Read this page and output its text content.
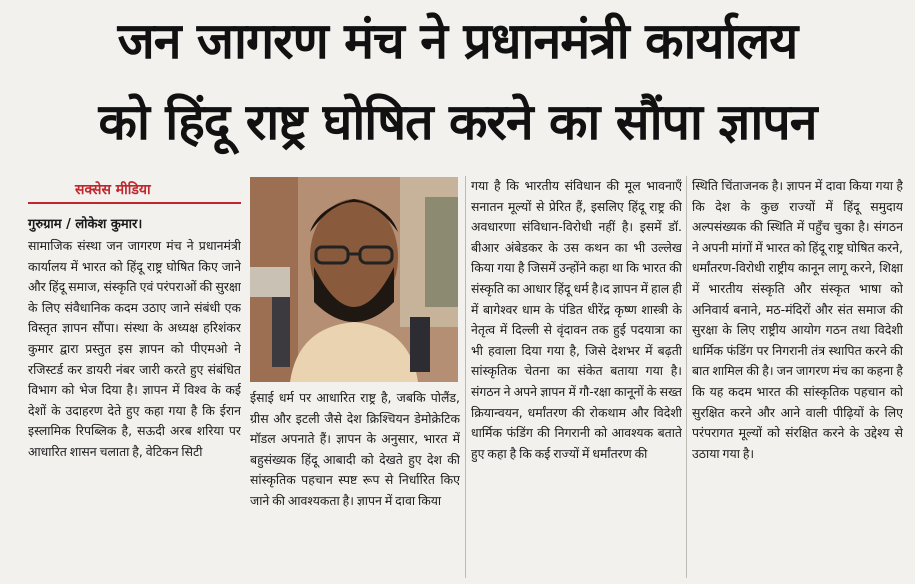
जन जागरण मंच ने प्रधानमंत्री कार्यालय
को हिंदू राष्ट्र घोषित करने का सौंपा ज्ञापन
सक्सेस मीडिया
गुरुग्राम / लोकेश कुमार।
सामाजिक संस्था जन जागरण मंच ने प्रधानमंत्री कार्यालय में भारत को हिंदू राष्ट्र घोषित किए जाने और हिंदू समाज, संस्कृति एवं परंपराओं की सुरक्षा के लिए संवैधानिक कदम उठाए जाने संबंधी एक विस्तृत ज्ञापन सौंपा। संस्था के अध्यक्ष हरिशंकर कुमार द्वारा प्रस्तुत इस ज्ञापन को पीएमओ ने रजिस्टर्ड कर डायरी नंबर जारी करते हुए संबंधित विभाग को भेज दिया है। ज्ञापन में विश्व के कई देशों के उदाहरण देते हुए कहा गया है कि ईरान इस्लामिक रिपब्लिक है, सऊदी अरब शरिया पर आधारित शासन चलाता है, वेटिकन सिटी
ईसाई धर्म पर आधारित राष्ट्र है, जबकि पोलैंड, ग्रीस और इटली जैसे देश क्रिश्चियन डेमोक्रेटिक मॉडल अपनाते हैं। ज्ञापन के अनुसार, भारत में बहुसंख्यक हिंदू आबादी को देखते हुए देश की सांस्कृतिक पहचान स्पष्ट रूप से निर्धारित किए जाने की आवश्यकता है। ज्ञापन में दावा किया
गया है कि भारतीय संविधान की मूल भावनाएँ सनातन मूल्यों से प्रेरित हैं, इसलिए हिंदू राष्ट्र की अवधारणा संविधान-विरोधी नहीं है। इसमें डॉ. बीआर अंबेडकर के उस कथन का भी उल्लेख किया गया है जिसमें उन्होंने कहा था कि भारत की संस्कृति का आधार हिंदू धर्म है।द ज्ञापन में हाल ही में बागेश्वर धाम के पंडित धीरेंद्र कृष्ण शास्त्री के नेतृत्व में दिल्ली से वृंदावन तक हुई पदयात्रा का भी हवाला दिया गया है, जिसे देशभर में बढ़ती सांस्कृतिक चेतना का संकेत बताया गया है। संगठन ने अपने ज्ञापन में गौ-रक्षा कानूनों के सख्त क्रियान्वयन, धर्मांतरण की रोकथाम और विदेशी धार्मिक फंडिंग की निगरानी को आवश्यक बताते हुए कहा है कि कई राज्यों में धर्मांतरण की
स्थिति चिंताजनक है। ज्ञापन में दावा किया गया है कि देश के कुछ राज्यों में हिंदू समुदाय अल्पसंख्यक की स्थिति में पहुँच चुका है। संगठन ने अपनी मांगों में भारत को हिंदू राष्ट्र घोषित करने, धर्मांतरण-विरोधी राष्ट्रीय कानून लागू करने, शिक्षा में भारतीय संस्कृति और संस्कृत भाषा को अनिवार्य बनाने, मठ-मंदिरों और संत समाज की सुरक्षा के लिए राष्ट्रीय आयोग गठन तथा विदेशी धार्मिक फंडिंग पर निगरानी तंत्र स्थापित करने की बात शामिल की है। जन जागरण मंच का कहना है कि यह कदम भारत की सांस्कृतिक पहचान को सुरक्षित करने और आने वाली पीढ़ियों के लिए परंपरागत मूल्यों को संरक्षित करने के उद्देश्य से उठाया गया है।
